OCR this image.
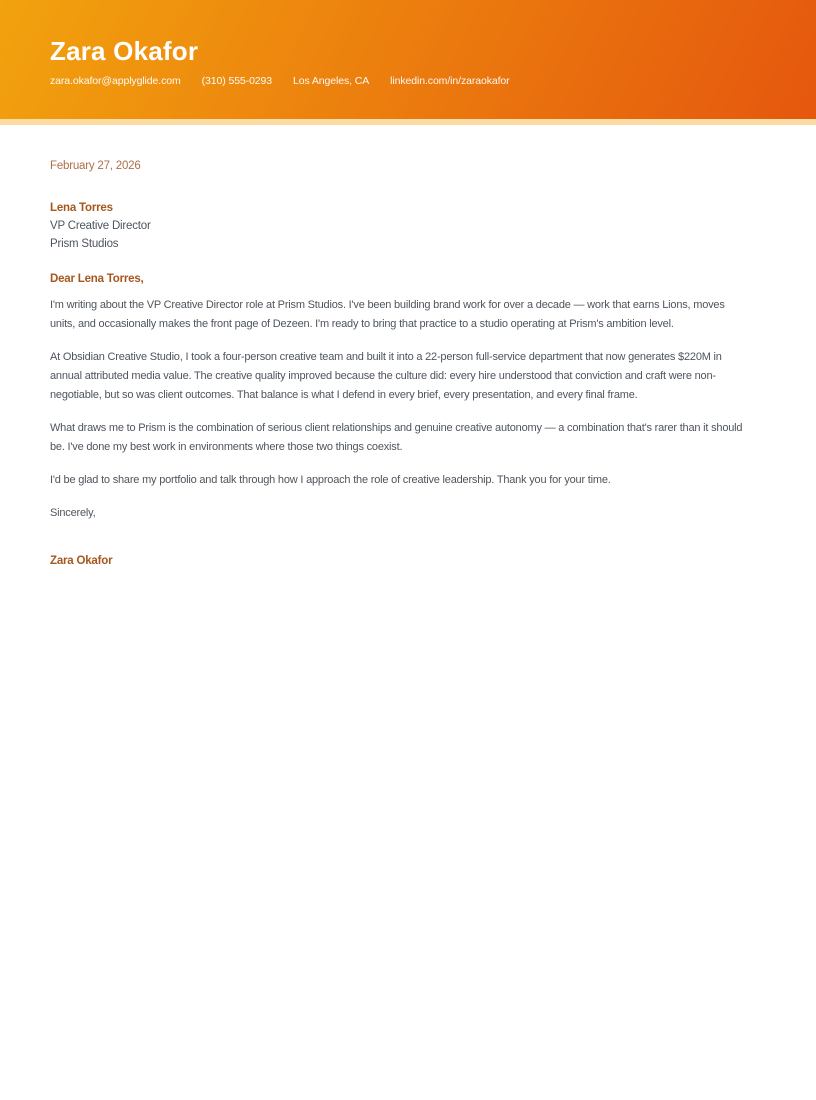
Zara Okafor
zara.okafor@applyglide.com (310) 555-0293 Los Angeles, CA linkedin.com/in/zaraokafor

February 27, 2026

Lena Torres
VP Creative Director
Prism Studios

Dear Lena Torres,

I'm writing about the VP Creative Director role at Prism Studios. I've been building brand work for over a decade — work that earns Lions, moves units, and occasionally makes the front page of Dezeen. I'm ready to bring that practice to a studio operating at Prism's ambition level.

At Obsidian Creative Studio, I took a four-person creative team and built it into a 22-person full-service department that now generates $220M in annual attributed media value. The creative quality improved because the culture did: every hire understood that conviction and craft were non-negotiable, but so was client outcomes. That balance is what I defend in every brief, every presentation, and every final frame.

What draws me to Prism is the combination of serious client relationships and genuine creative autonomy — a combination that's rarer than it should be. I've done my best work in environments where those two things coexist.

I'd be glad to share my portfolio and talk through how I approach the role of creative leadership. Thank you for your time.

Sincerely,

Zara Okafor
